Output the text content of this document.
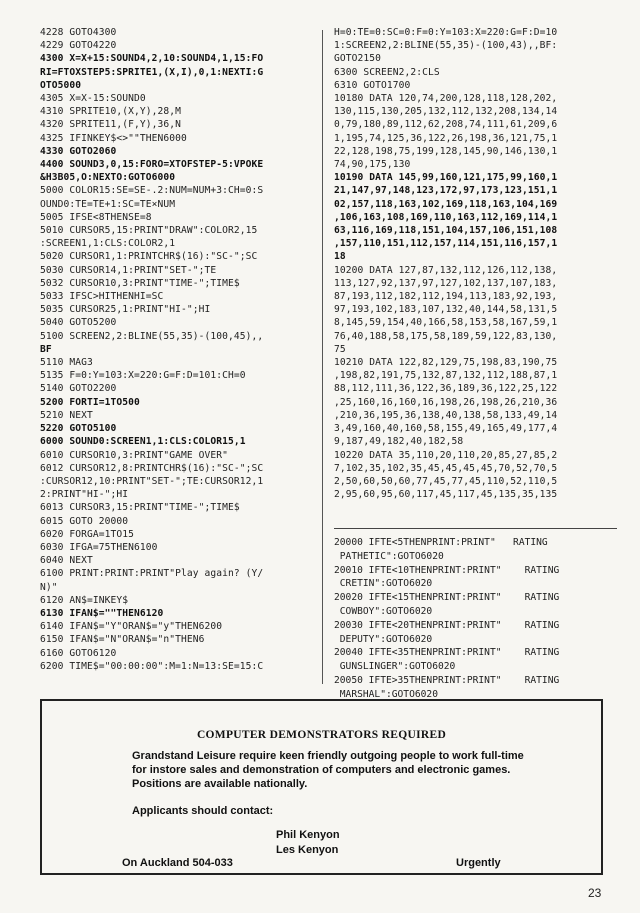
4228 GOTO4300
4229 GOTO4220
4300 X=X+15:SOUND4,2,10:SOUND4,1,15:FO
RI=FTOXSTEP5:SPRITE1,(X,I),0,1:NEXTI:G
OTO5000
4305 X=X-15:SOUND0
4310 SPRITE10,(X,Y),28,M
4320 SPRITE11,(F,Y),36,N
4325 IFINKEY$<>""THEN6000
4330 GOTO2060
4400 SOUND3,0,15:FORO=XTOFSTEP-5:VPOKE
&H3B05,O:NEXTO:GOTO6000
5000 COLOR15:SE=SE-.2:NUM=NUM+3:CH=0:S
OUND0:TE=TE+1:SC=TE×NUM
5005 IFSE<8THENSE=8
5010 CURSOR5,15:PRINT"DRAW":COLOR2,15
:SCREEN1,1:CLS:COLOR2,1
5020 CURSOR1,1:PRINTCHR$(16):"SC-";SC
5030 CURSOR14,1:PRINT"SET-";TE
5032 CURSOR10,3:PRINT"TIME-";TIME$
5033 IFSC>HITHENHI=SC
5035 CURSOR25,1:PRINT"HI-";HI
5040 GOTO5200
5100 SCREEN2,2:BLINE(55,35)-(100,45),,
BF
5110 MAG3
5135 F=0:Y=103:X=220:G=F:D=101:CH=0
5140 GOTO2200
5200 FORTI=1TO500
5210 NEXT
5220 GOTO5100
6000 SOUND0:SCREEN1,1:CLS:COLOR15,1
6010 CURSOR10,3:PRINT"GAME OVER"
6012 CURSOR12,8:PRINTCHR$(16):"SC-";SC
:CURSOR12,10:PRINT"SET-";TE:CURSOR12,1
2:PRINT"HI-";HI
6013 CURSOR3,15:PRINT"TIME-";TIME$
6015 GOTO 20000
6020 FORGA=1TO15
6030 IFGA=75THEN6100
6040 NEXT
6100 PRINT:PRINT:PRINT"Play again? (Y/
N)"
6120 AN$=INKEY$
6130 IFAN$=""THEN6120
6140 IFAN$="Y"ORAN$="y"THEN6200
6150 IFAN$="N"ORAN$="n"THEN6
6160 GOTO6120
6200 TIME$="00:00:00":M=1:N=13:SE=15:C
H=0:TE=0:SC=0:F=0:Y=103:X=220:G=F:D=10
1:SCREEN2,2:BLINE(55,35)-(100,43),,BF:
GOTO2150
6300 SCREEN2,2:CLS
6310 GOTO1700
10180 DATA 120,74,200,128,118,128,202,
130,115,130,205,132,112,132,208,134,14
0,79,180,89,112,62,208,74,111,61,209,6
1,195,74,125,36,122,26,198,36,121,75,1
22,128,198,75,199,128,145,90,146,130,1
74,90,175,130
10190 DATA 145,99,160,121,175,99,160,1
21,147,97,148,123,172,97,173,123,151,1
02,157,118,163,102,169,118,163,104,169
,106,163,108,169,110,163,112,169,114,1
63,116,169,118,151,104,157,106,151,108
,157,110,151,112,157,114,151,116,157,1
18
10200 DATA 127,87,132,112,126,112,138,
113,127,92,137,97,127,102,137,107,183,
87,193,112,182,112,194,113,183,92,193,
97,193,102,183,107,132,40,144,58,131,5
8,145,59,154,40,166,58,153,58,167,59,1
76,40,188,58,175,58,189,59,122,83,130,
75
10210 DATA 122,82,129,75,198,83,190,75
,198,82,191,75,132,87,132,112,188,87,1
88,112,111,36,122,36,189,36,122,25,122
,25,160,16,160,16,198,26,198,26,210,36
,210,36,195,36,138,40,138,58,133,49,14
3,49,160,40,160,58,155,49,165,49,177,4
9,187,49,182,40,182,58
10220 DATA 35,110,20,110,20,85,27,85,2
7,102,35,102,35,45,45,45,45,70,52,70,5
2,50,60,50,60,77,45,77,45,110,52,110,5
2,95,60,95,60,117,45,117,45,135,35,135
20000 IFTE<5THENPRINT:PRINT"   RATING
PATHETIC":GOTO6020
20010 IFTE<10THENPRINT:PRINT"    RATING
CRETIN":GOTO6020
20020 IFTE<15THENPRINT:PRINT"    RATING
COWBOY":GOTO6020
20030 IFTE<20THENPRINT:PRINT"    RATING
DEPUTY":GOTO6020
20040 IFTE<35THENPRINT:PRINT"    RATING
GUNSLINGER":GOTO6020
20050 IFTE>35THENPRINT:PRINT"    RATING
MARSHAL":GOTO6020
COMPUTER DEMONSTRATORS REQUIRED
Grandstand Leisure require keen friendly outgoing people to work full-time for instore sales and demonstration of computers and electronic games. Positions are available nationally.
Applicants should contact:
Phil Kenyon
Les Kenyon
On Auckland 504-033	Urgently
23
